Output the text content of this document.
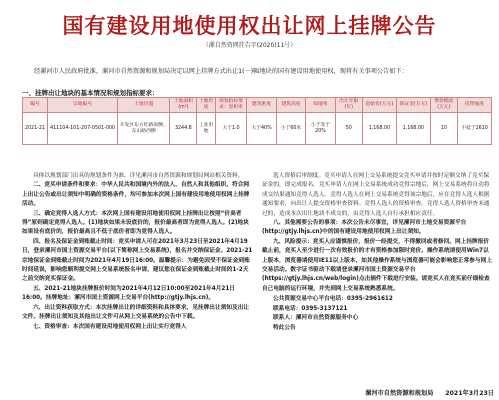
国有建设用地使用权出让网上挂牌公告
（漯自然资网挂告字(2020)11号）
经漯河市人民政府批准，漯河市自然资源和规划局决定以网上挂牌方式出让1(一)幅地块的国有建设用地使用权，现将有关事项公告如下：
一、挂牌出让地块的基本情况和规划指标要求：
编号	宗地编号	土地位置	土地面积(m²)	土地用途	规划指标要求：容积率	建筑密度	建筑高度	绿地率	出让年限(年)	起始价(万元)	保证金(万元)	增价幅度(万元)	投资强度
2021-21	411104-101-207-0501-000	开发区东方红路南侧、东山路西侧	3244.8	工业用地	大于1.0	大于40%	小于60米	小于等于20%	50	1,168.00	1,168.00	10	不低于2610

具体以规划部门出具的规划条件为准，详见漯河市自然资源和规划局网站相关资料。

二、竞买申请条件和要求：中华人民共和国境内外的法人、自然人和其他组织，符合网上出让公告或出让须知中明确的资格条件，均可参加本次网上国有建设用地使用权网上挂牌活动。

三、确定竞得人选人方式：本次网上国有建设用地使用权网上挂牌出让按照“价高者得”原则确定竞得人选人。(1)地块如果未设底价的，报价最高者即为竞得人选人。(2)地块如果设有底价的，报价最高且不低于底价者即为竞得人选人。

四、报名及保证金到账截止时间：竞买申请人可在2021年3月23日至2021年4月19日，登录漯河市国土资源交易平台(以下简称网上交易系统)，报名并交纳保证金。2021-21宗地保证金到账截止时间为2021年4月19日16:00。温馨提示：为避免因受不保证金到账时间延误，影响您顺利提交网上交易系统报名申请，建议您在保证金到账截止时间的1-2天之前交纳竞买保证金。

五、2021-21地块挂牌报价时间为2021年4月12日10:00至2021年4月21日16:00。挂牌地址：漯河市国土资源网上交易平台(http://gtjy.lhjs.cn)。

六、出让资料获取方式：本次挂牌出让的详细资料和具体要求，见挂牌出让须知及出让文件。挂牌出让须知及其他出让文件可从网上交易系统的公告中下载。

七、资格审查：本次国有建设用地使用权网上出让实行竞得人

选人资格后审制度。竞买申请人在网上交易系统提交竞买申请并按时足额交纳了竞买保证金的，即完成报名。竞买申请人在网上交易系统成功竞得宗地后，网上交易系统将自动将成交结果通知竞得人选人。竞得人选人在网上交易系统竞得该宗地后，应在竞得人选人根据通知要求，向出让人提交资格审查资料。竞得人选人的资格审查。竞得人选人资格审查未通过的，造成本次出让地块不成交的，由竞得人选人自行承担相应责任。

八、其他需要公告的事项：本次公告未尽事宜，详见漯河市土地交易资源平台(http://gtjy.lhjs.cn)中的国有建设用地使用权网上出让须知。

九、风险提示：竞买人应谨慎报价，报价一经提交，不得撤回或者修回。网上挂牌报价截止前，竞买人至少进行一次有效报价的才有资格参加限时竞价。操作系统请使用Win7以上版本，浏览器请使用IE11以上版本，如其他操作系统与浏览器可能会影响您正常参与网上交易活动。数字证书驱动下载请登录漯河市国土资源交易平台(https://gtjy.lhjs.cn/web/login)点击插件下载进行安装。请竞买人在竞买前仔细检查自己电脑的运行环境，并先到网上交易系统熟悉系统。

公共资源交易中心平台电话：0395-2961612

联系电话：0395-3137121

联系人：漯河市自然资源服务中心

特此公告

漯河市自然资源和规划局 2021年3月23日
